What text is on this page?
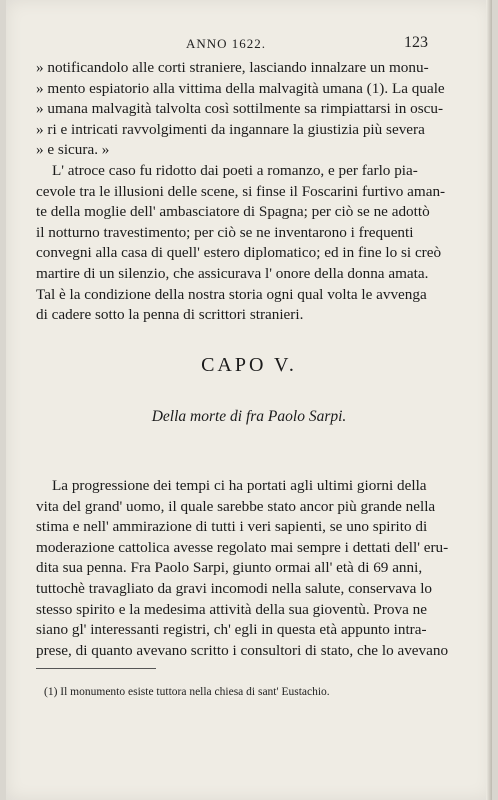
ANNO 1622.	123
» notificandolo alle corti straniere, lasciando innalzare un monu-
» mento espiatorio alla vittima della malvagità umana (1). La quale
» umana malvagità talvolta così sottilmente sa rimpiattarsi in oscu-
» ri e intricati ravvolgimenti da ingannare la giustizia più severa
» e sicura. »
L' atroce caso fu ridotto dai poeti a romanzo, e per farlo pia-
cevole tra le illusioni delle scene, si finse il Foscarini furtivo aman-
te della moglie dell' ambasciatore di Spagna; per ciò se ne adottò
il notturno travestimento; per ciò se ne inventarono i frequenti
convegni alla casa di quell' estero diplomatico; ed in fine lo si creò
martire di un silenzio, che assicurava l' onore della donna amata.
Tal è la condizione della nostra storia ogni qual volta le avvenga
di cadere sotto la penna di scrittori stranieri.
CAPO V.
Della morte di fra Paolo Sarpi.
La progressione dei tempi ci ha portati agli ultimi giorni della
vita del grand' uomo, il quale sarebbe stato ancor più grande nella
stima e nell' ammirazione di tutti i veri sapienti, se uno spirito di
moderazione cattolica avesse regolato mai sempre i dettati dell' eru-
dita sua penna. Fra Paolo Sarpi, giunto ormai all' età di 69 anni,
tuttochè travagliato da gravi incomodi nella salute, conservava lo
stesso spirito e la medesima attività della sua gioventù. Prova ne
siano gl' interessanti registri, ch' egli in questa età appunto intra-
prese, di quanto avevano scritto i consultori di stato, che lo avevano
(1) Il monumento esiste tuttora nella chiesa di sant' Eustachio.
